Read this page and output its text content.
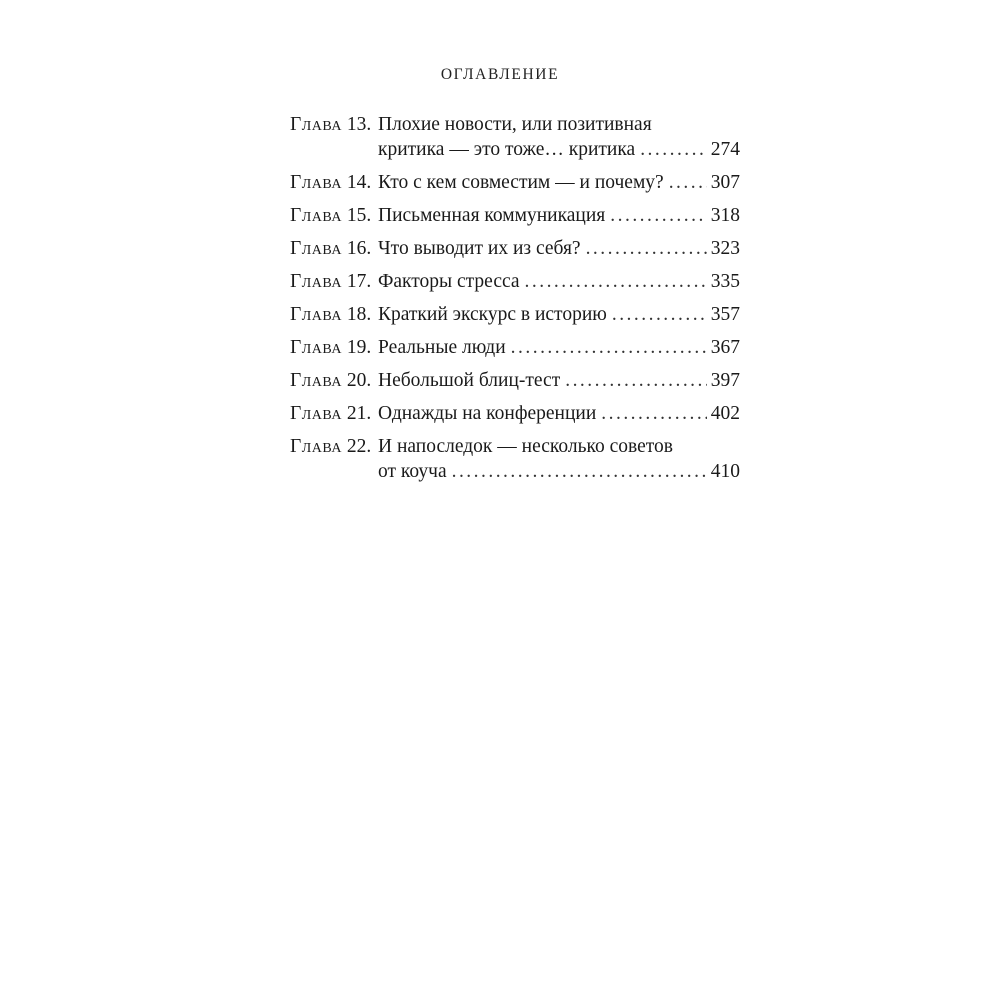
ОГЛАВЛЕНИЕ
Глава 13. Плохие новости, или позитивная
критика — это тоже… критика . . .	274
Глава 14. Кто с кем совместим — и почему? . . . 307
Глава 15. Письменная коммуникация . . .	318
Глава 16. Что выводит их из себя? . . .	323
Глава 17. Факторы стресса . . .	335
Глава 18. Краткий экскурс в историю . . .	357
Глава 19. Реальные люди . . .	367
Глава 20. Небольшой блиц-тест . . .	397
Глава 21. Однажды на конференции . . .	402
Глава 22. И напоследок — несколько советов
от коуча . . .	410
